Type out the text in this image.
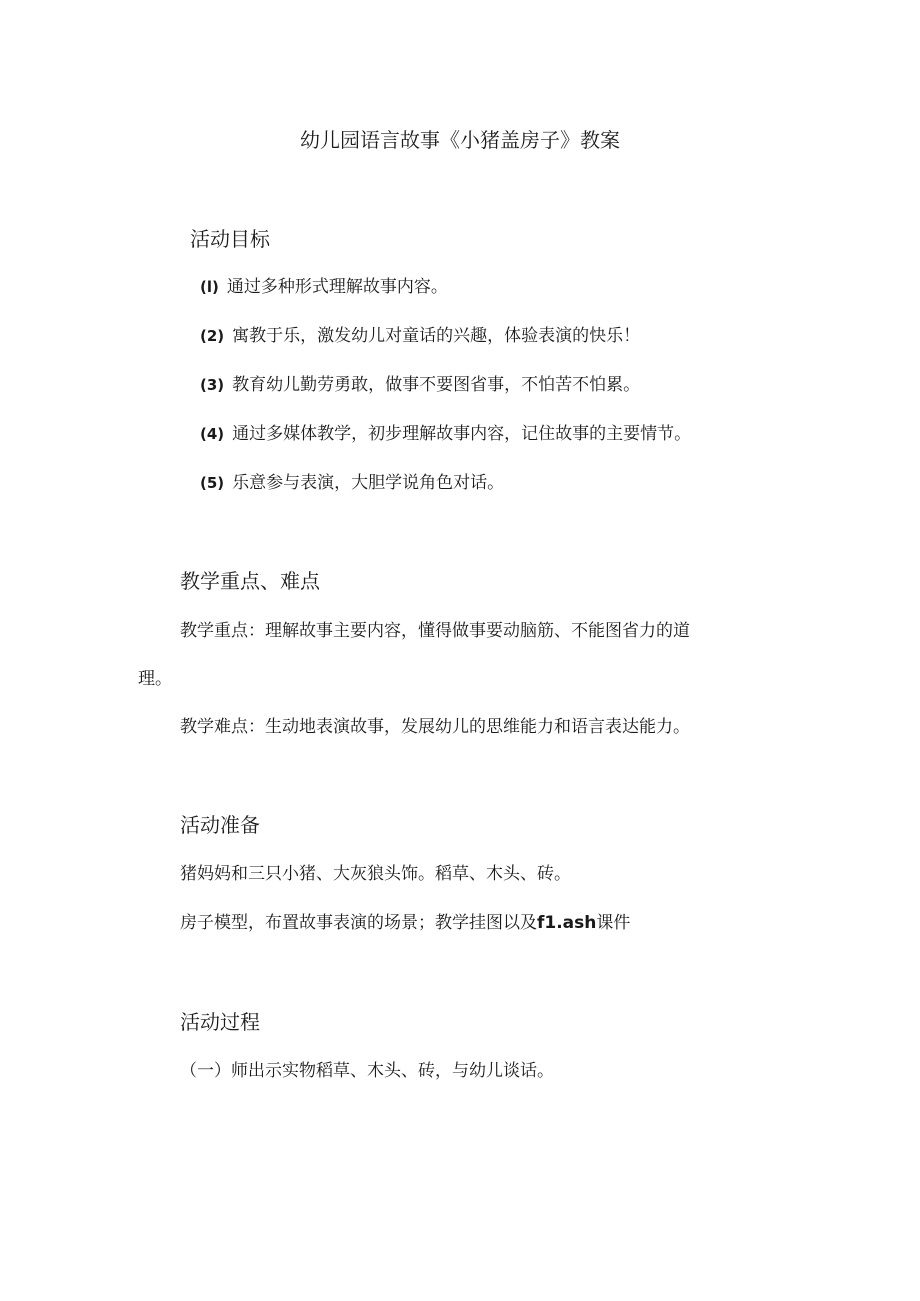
幼儿园语言故事《小猪盖房子》教案
活动目标
(l) 通过多种形式理解故事内容。
(2) 寓教于乐，激发幼儿对童话的兴趣，体验表演的快乐！
(3) 教育幼儿勤劳勇敢，做事不要图省事，不怕苦不怕累。
(4) 通过多媒体教学，初步理解故事内容，记住故事的主要情节。
(5) 乐意参与表演，大胆学说角色对话。
教学重点、难点
教学重点：理解故事主要内容，懂得做事要动脑筋、不能图省力的道
理。
教学难点：生动地表演故事，发展幼儿的思维能力和语言表达能力。
活动准备
猪妈妈和三只小猪、大灰狼头饰。稻草、木头、砖。
房子模型，布置故事表演的场景；教学挂图以及f1.ash课件
活动过程
（一）师出示实物稻草、木头、砖，与幼儿谈话。
